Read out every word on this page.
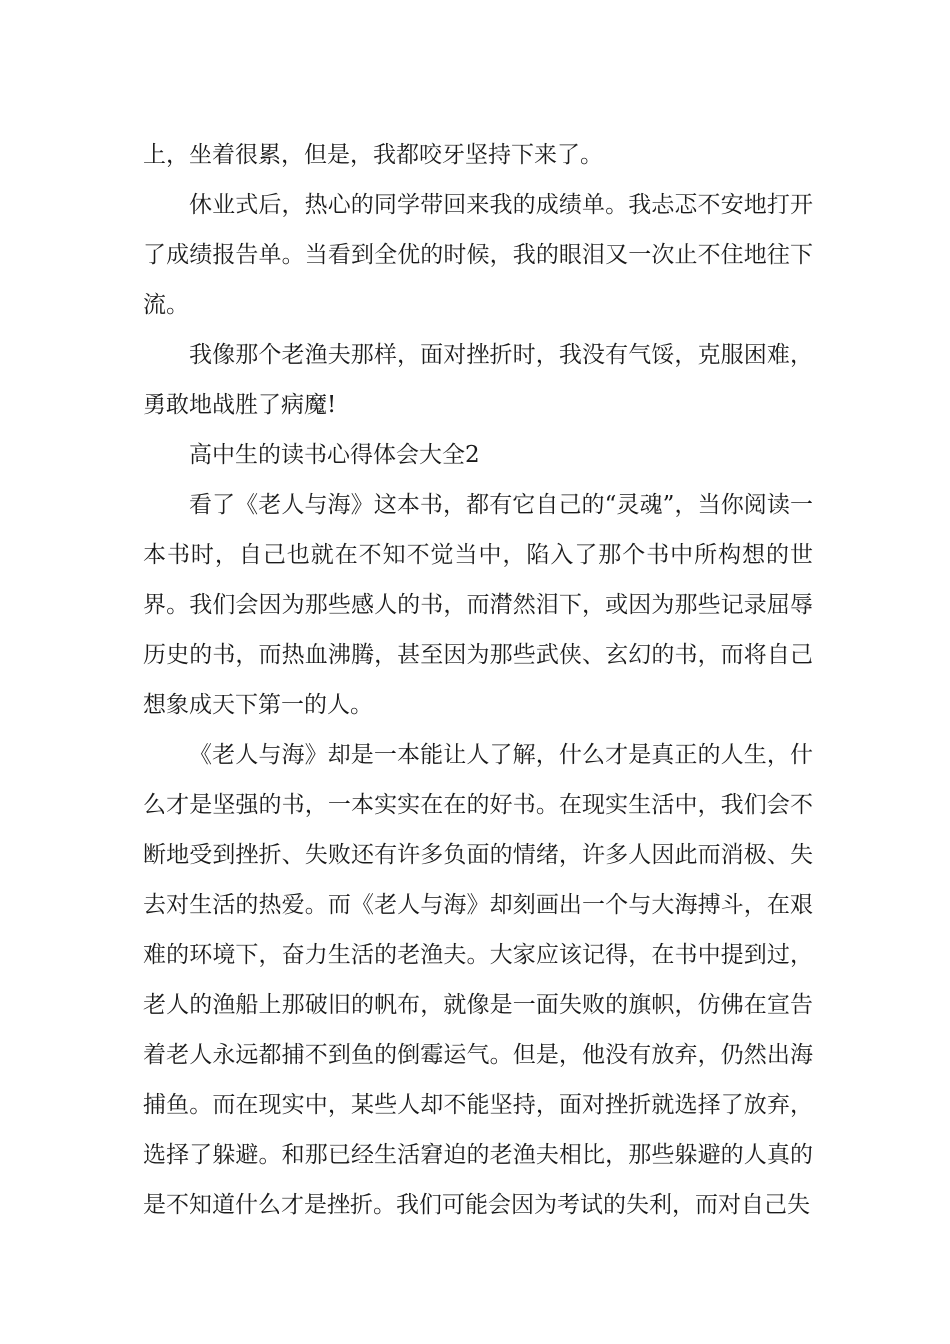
上，坐着很累，但是，我都咬牙坚持下来了。

休业式后，热心的同学带回来我的成绩单。我忐忑不安地打开了成绩报告单。当看到全优的时候，我的眼泪又一次止不住地往下流。

我像那个老渔夫那样，面对挫折时，我没有气馁，克服困难，勇敢地战胜了病魔!

高中生的读书心得体会大全2

看了《老人与海》这本书，都有它自己的“灵魂”，当你阅读一本书时，自己也就在不知不觉当中，陷入了那个书中所构想的世界。我们会因为那些感人的书，而潸然泪下，或因为那些记录屈辱历史的书，而热血沸腾，甚至因为那些武侠、玄幻的书，而将自己想象成天下第一的人。

《老人与海》却是一本能让人了解，什么才是真正的人生，什么才是坚强的书，一本实实在在的好书。在现实生活中，我们会不断地受到挫折、失败还有许多负面的情绪，许多人因此而消极、失去对生活的热爱。而《老人与海》却刻画出一个与大海搏斗，在艰难的环境下，奋力生活的老渔夫。大家应该记得，在书中提到过，老人的渔船上那破旧的帆布，就像是一面失败的旗帜，仿佛在宣告着老人永远都捕不到鱼的倒霉运气。但是，他没有放弃，仍然出海捕鱼。而在现实中，某些人却不能坚持，面对挫折就选择了放弃，选择了躲避。和那已经生活窘迫的老渔夫相比，那些躲避的人真的是不知道什么才是挫折。我们可能会因为考试的失利，而对自己失
